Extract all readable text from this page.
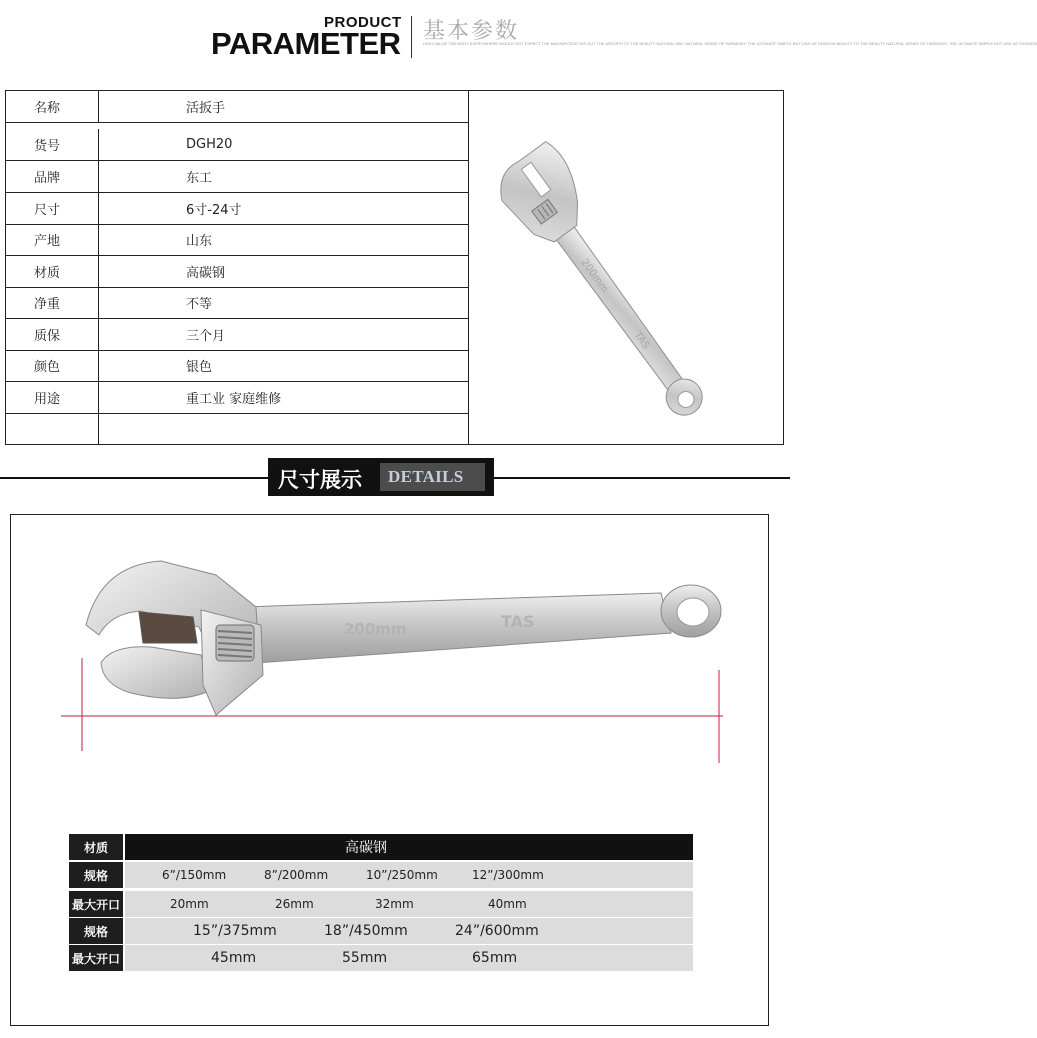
PRODUCT
PARAMETER 基本参数
HIGH-VALUE THE BODY EVERYWHERE WOULD NOT EXPECT THE MAGNIFICENT DIS OUT THE ARGOPH TO THE BEAUTY NATURAL ABC NATURAL SENSE OF HARMONY, THE ULTIMATE SIMPLE BUT USE UE FASHION BEAUTY TO THE BEAUTY NATURAL SENSE OF HARMONY, THE ULTIMATE SIMPLE BUT USE UE FASHION
名称	活扳手
货号	DGH20
品牌	东工
尺寸	6寸-24寸
产地	山东
材质	高碳钢
净重	不等
质保	三个月
颜色	银色
用途	重工业 家庭维修
200mm
TAS
尺寸展示 DETAILS
200mm	TAS
材质	高碳钢
规格	6”/150mm	8”/200mm	10”/250mm	12”/300mm
最大开口	20mm	26mm	32mm	40mm
规格	15”/375mm	18”/450mm	24”/600mm
最大开口	45mm	55mm	65mm
